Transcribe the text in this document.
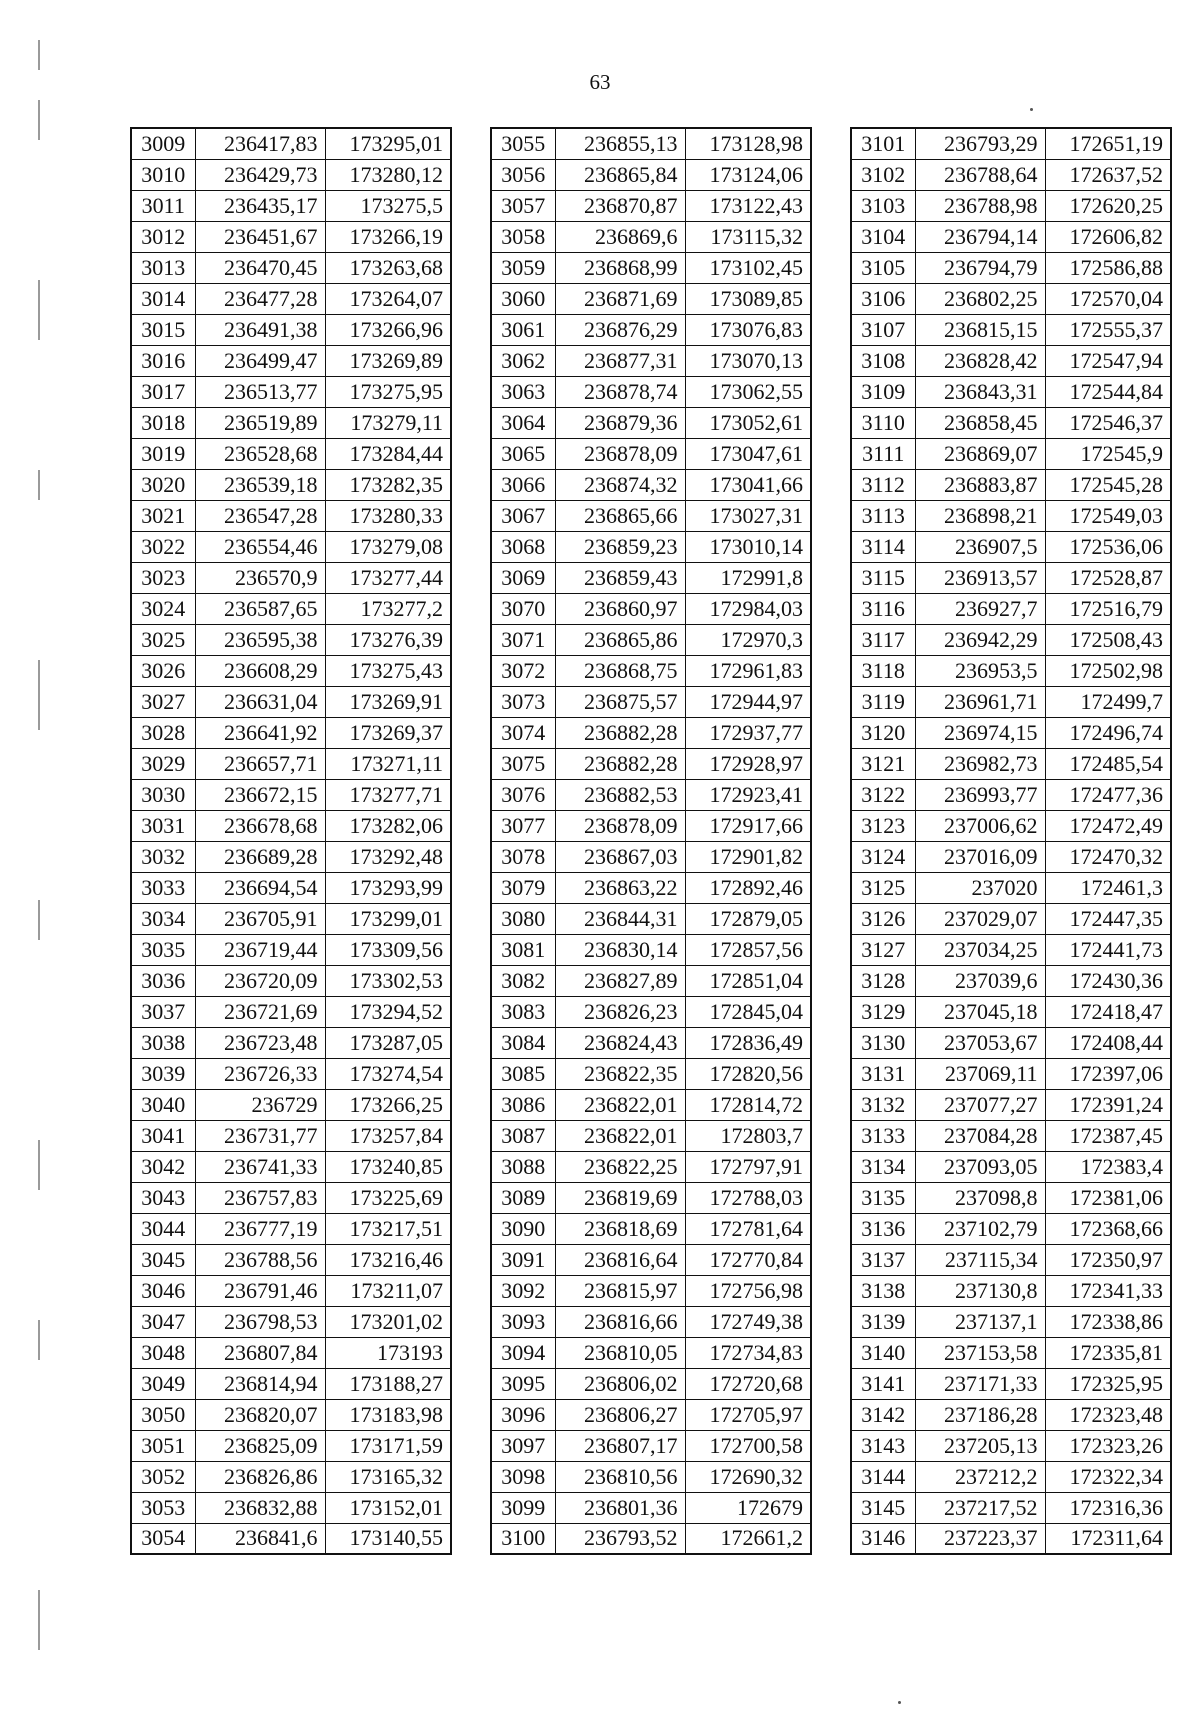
63
3009	236417,83	173295,01
3010	236429,73	173280,12
3011	236435,17	173275,5
3012	236451,67	173266,19
3013	236470,45	173263,68
3014	236477,28	173264,07
3015	236491,38	173266,96
3016	236499,47	173269,89
3017	236513,77	173275,95
3018	236519,89	173279,11
3019	236528,68	173284,44
3020	236539,18	173282,35
3021	236547,28	173280,33
3022	236554,46	173279,08
3023	236570,9	173277,44
3024	236587,65	173277,2
3025	236595,38	173276,39
3026	236608,29	173275,43
3027	236631,04	173269,91
3028	236641,92	173269,37
3029	236657,71	173271,11
3030	236672,15	173277,71
3031	236678,68	173282,06
3032	236689,28	173292,48
3033	236694,54	173293,99
3034	236705,91	173299,01
3035	236719,44	173309,56
3036	236720,09	173302,53
3037	236721,69	173294,52
3038	236723,48	173287,05
3039	236726,33	173274,54
3040	236729	173266,25
3041	236731,77	173257,84
3042	236741,33	173240,85
3043	236757,83	173225,69
3044	236777,19	173217,51
3045	236788,56	173216,46
3046	236791,46	173211,07
3047	236798,53	173201,02
3048	236807,84	173193
3049	236814,94	173188,27
3050	236820,07	173183,98
3051	236825,09	173171,59
3052	236826,86	173165,32
3053	236832,88	173152,01
3054	236841,6	173140,55
3055	236855,13	173128,98
3056	236865,84	173124,06
3057	236870,87	173122,43
3058	236869,6	173115,32
3059	236868,99	173102,45
3060	236871,69	173089,85
3061	236876,29	173076,83
3062	236877,31	173070,13
3063	236878,74	173062,55
3064	236879,36	173052,61
3065	236878,09	173047,61
3066	236874,32	173041,66
3067	236865,66	173027,31
3068	236859,23	173010,14
3069	236859,43	172991,8
3070	236860,97	172984,03
3071	236865,86	172970,3
3072	236868,75	172961,83
3073	236875,57	172944,97
3074	236882,28	172937,77
3075	236882,28	172928,97
3076	236882,53	172923,41
3077	236878,09	172917,66
3078	236867,03	172901,82
3079	236863,22	172892,46
3080	236844,31	172879,05
3081	236830,14	172857,56
3082	236827,89	172851,04
3083	236826,23	172845,04
3084	236824,43	172836,49
3085	236822,35	172820,56
3086	236822,01	172814,72
3087	236822,01	172803,7
3088	236822,25	172797,91
3089	236819,69	172788,03
3090	236818,69	172781,64
3091	236816,64	172770,84
3092	236815,97	172756,98
3093	236816,66	172749,38
3094	236810,05	172734,83
3095	236806,02	172720,68
3096	236806,27	172705,97
3097	236807,17	172700,58
3098	236810,56	172690,32
3099	236801,36	172679
3100	236793,52	172661,2
3101	236793,29	172651,19
3102	236788,64	172637,52
3103	236788,98	172620,25
3104	236794,14	172606,82
3105	236794,79	172586,88
3106	236802,25	172570,04
3107	236815,15	172555,37
3108	236828,42	172547,94
3109	236843,31	172544,84
3110	236858,45	172546,37
3111	236869,07	172545,9
3112	236883,87	172545,28
3113	236898,21	172549,03
3114	236907,5	172536,06
3115	236913,57	172528,87
3116	236927,7	172516,79
3117	236942,29	172508,43
3118	236953,5	172502,98
3119	236961,71	172499,7
3120	236974,15	172496,74
3121	236982,73	172485,54
3122	236993,77	172477,36
3123	237006,62	172472,49
3124	237016,09	172470,32
3125	237020	172461,3
3126	237029,07	172447,35
3127	237034,25	172441,73
3128	237039,6	172430,36
3129	237045,18	172418,47
3130	237053,67	172408,44
3131	237069,11	172397,06
3132	237077,27	172391,24
3133	237084,28	172387,45
3134	237093,05	172383,4
3135	237098,8	172381,06
3136	237102,79	172368,66
3137	237115,34	172350,97
3138	237130,8	172341,33
3139	237137,1	172338,86
3140	237153,58	172335,81
3141	237171,33	172325,95
3142	237186,28	172323,48
3143	237205,13	172323,26
3144	237212,2	172322,34
3145	237217,52	172316,36
3146	237223,37	172311,64
